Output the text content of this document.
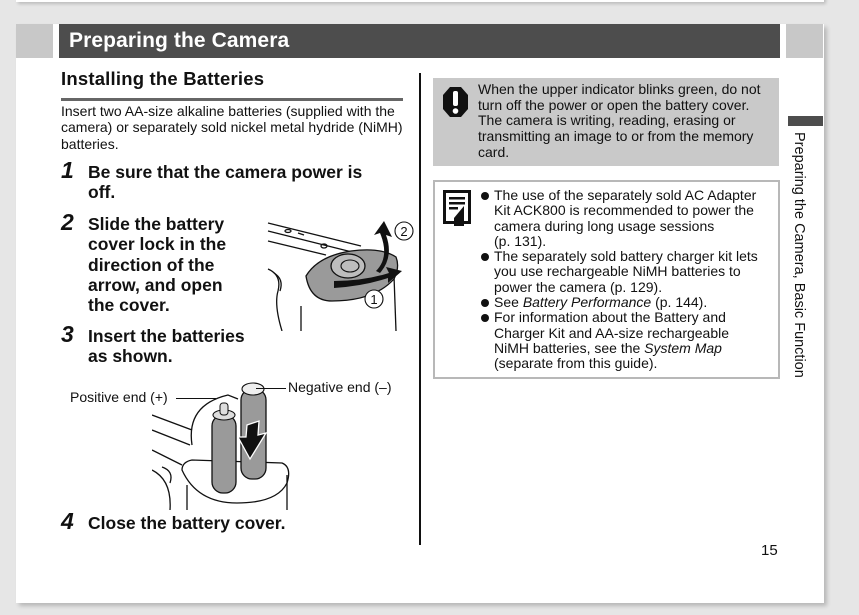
Preparing the Camera
Installing the Batteries
Insert two AA-size alkaline batteries (supplied with the camera) or separately sold nickel metal hydride (NiMH) batteries.
1 Be sure that the camera power is
off.
2 Slide the battery
cover lock in the
direction of the
arrow, and open
the cover.
3 Insert the batteries
as shown.
4 Close the battery cover.
2
1
Positive end (+)
Negative end (–)
When the upper indicator blinks green, do not
turn off the power or open the battery cover.
The camera is writing, reading, erasing or
transmitting an image to or from the memory
card.
The use of the separately sold AC Adapter
Kit ACK800 is recommended to power the
camera during long usage sessions
(p. 131).
The separately sold battery charger kit lets
you use rechargeable NiMH batteries to
power the camera (p. 129).
See Battery Performance (p. 144).
For information about the Battery and
Charger Kit and AA-size rechargeable
NiMH batteries, see the System Map
(separate from this guide).	Preparing the Camera, Basic Function
15
